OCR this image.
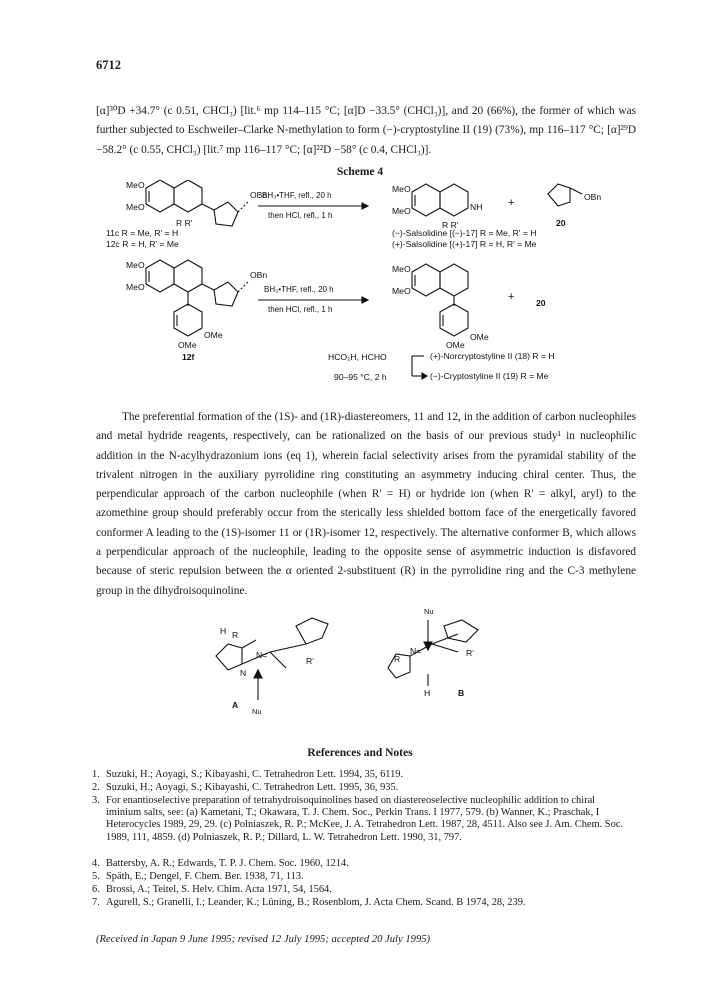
6712
[α]³⁰D +34.7° (c 0.51, CHCl₃) [lit.⁶ mp 114–115 °C; [α]D −33.5° (CHCl₃)], and 20 (66%), the former of which was further subjected to Eschweiler–Clarke N-methylation to form (−)-cryptostyline II (19) (73%), mp 116–117 °C; [α]²⁹D −58.2° (c 0.55, CHCl₃) [lit.⁷ mp 116–117 °C; [α]²²D −58° (c 0.4, CHCl₃)].
Scheme 4
MeO
MeO
OBn
R R'
BH₃•THF, refl., 20 h
then HCl, refl., 1 h
MeO
MeO	NH
R R'
+	OBn
20
11c R = Me, R' = H
12c R = H, R' = Me
(−)-Salsolidine [(−)-17] R = Me, R' = H
(+)-Salsolidine [(+)-17] R = H, R' = Me
MeO
MeO
OBn
OMe
OMe
12f
BH₃•THF, refl., 20 h
then HCl, refl., 1 h
MeO
MeO
OMe
OMe
+	20
HCO₂H, HCHO
90–95 °C, 2 h
(+)-Norcryptostyline II (18) R = H
(−)-Cryptostyline II (19) R = Me
The preferential formation of the (1S)- and (1R)-diastereomers, 11 and 12, in the addition of carbon nucleophiles and metal hydride reagents, respectively, can be rationalized on the basis of our previous study¹ in nucleophilic addition in the N-acylhydrazonium ions (eq 1), wherein facial selectivity arises from the pyramidal stability of the trivalent nitrogen in the auxiliary pyrrolidine ring constituting an asymmetry inducing chiral center. Thus, the perpendicular approach of the carbon nucleophile (when R' = H) or hydride ion (when R' = alkyl, aryl) to the azomethine group should preferably occur from the sterically less shielded bottom face of the energetically favored conformer A leading to the (1S)-isomer 11 or (1R)-isomer 12, respectively. The alternative conformer B, which allows a perpendicular approach of the nucleophile, leading to the opposite sense of asymmetric induction is disfavored because of steric repulsion between the α oriented 2-substituent (R) in the pyrrolidine ring and the C-3 methylene group in the dihydroisoquinoline.
H R
N=
R'
N
Nu
A
Nu
R
N=	R'
H	B
References and Notes
1. Suzuki, H.; Aoyagi, S.; Kibayashi, C. Tetrahedron Lett. 1994, 35, 6119.
2. Suzuki, H.; Aoyagi, S.; Kibayashi, C. Tetrahedron Lett. 1995, 36, 935.
3. For enantioselective preparation of tetrahydroisoquinolines based on diastereoselective nucleophilic addition to chiral iminium salts, see: (a) Kametani, T.; Okawara, T. J. Chem. Soc., Perkin Trans. I 1977, 579. (b) Wanner, K.; Praschak, I Heterocycles 1989, 29, 29. (c) Polniaszek, R. P.; McKee, J. A. Tetrahedron Lett. 1987, 28, 4511. Also see J. Am. Chem. Soc. 1989, 111, 4859. (d) Polniaszek, R. P.; Dillard, L. W. Tetrahedron Lett. 1990, 31, 797.
4. Battersby, A. R.; Edwards, T. P. J. Chem. Soc. 1960, 1214.
5. Späth, E.; Dengel, F. Chem. Ber. 1938, 71, 113.
6. Brossi, A.; Teitel, S. Helv. Chim. Acta 1971, 54, 1564.
7. Agurell, S.; Granelli, I.; Leander, K.; Lüning, B.; Rosenblom, J. Acta Chem. Scand. B 1974, 28, 239.
(Received in Japan 9 June 1995; revised 12 July 1995; accepted 20 July 1995)
